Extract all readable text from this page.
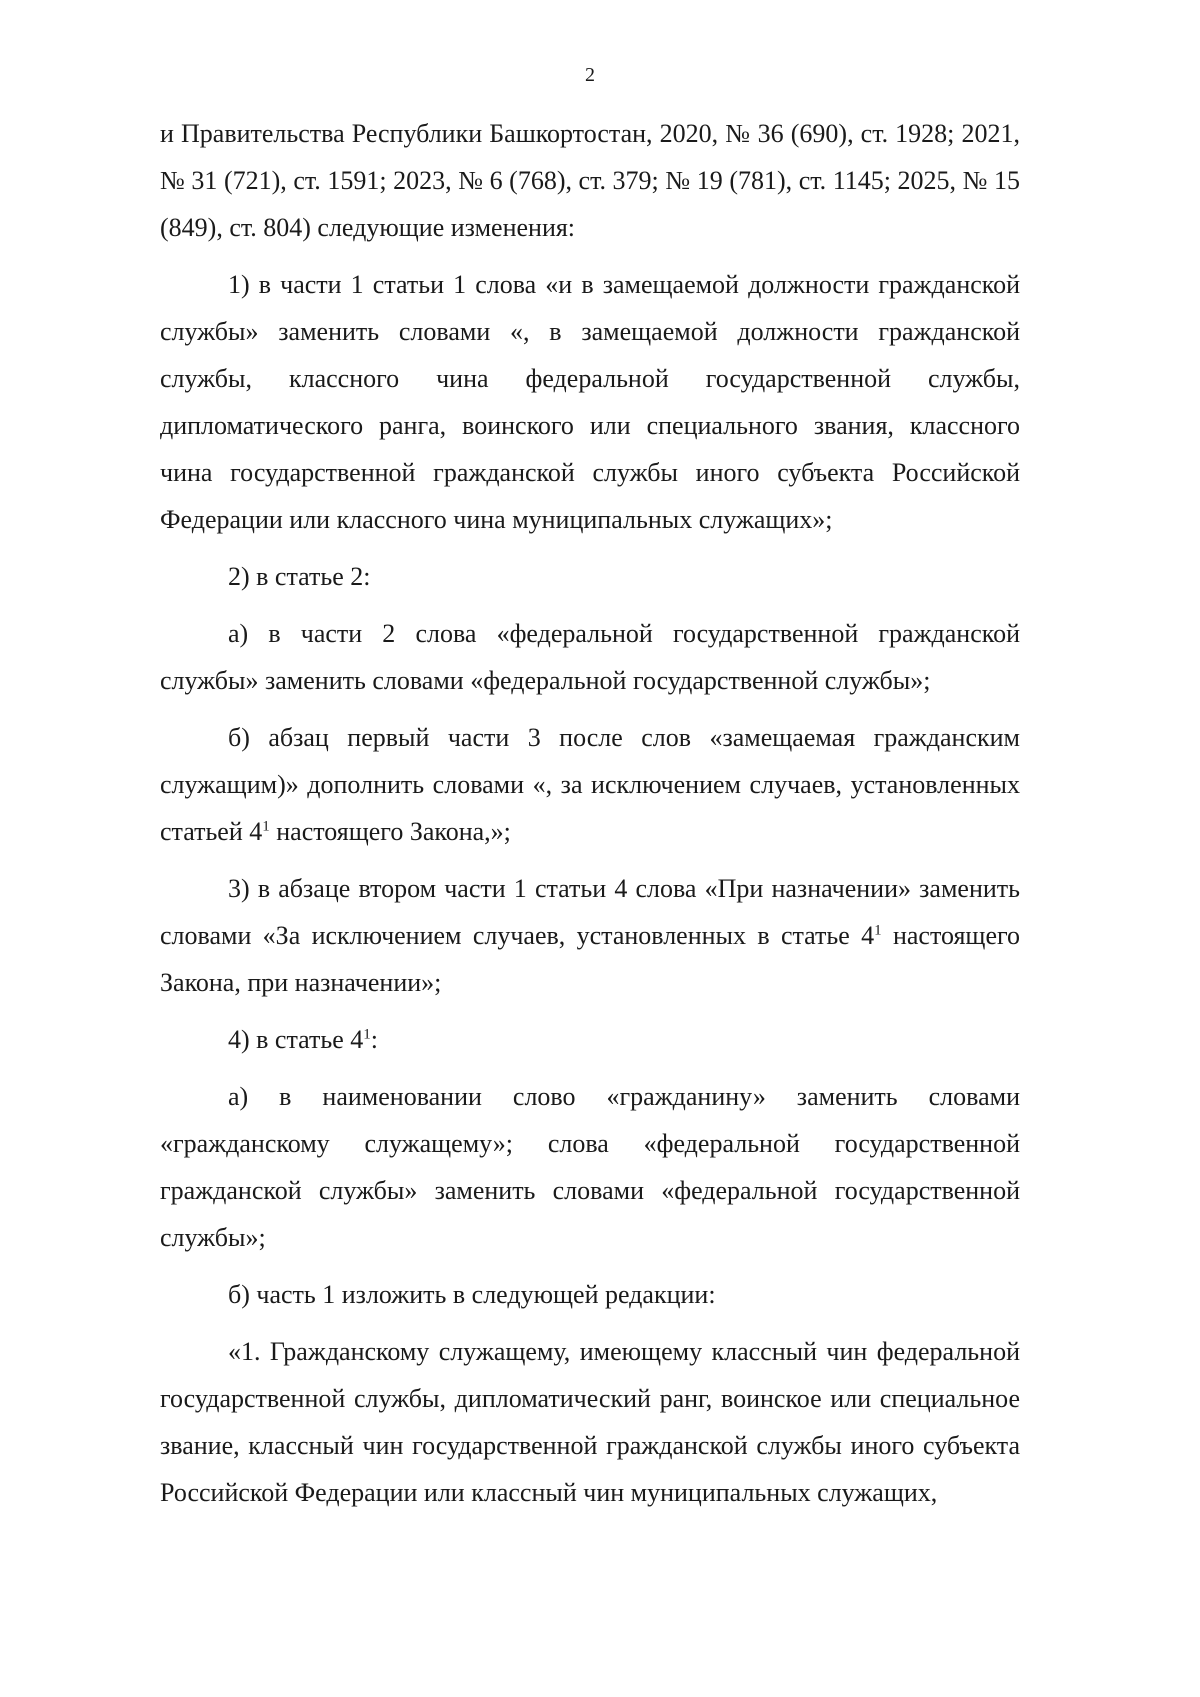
2

и Правительства Республики Башкортостан, 2020, № 36 (690), ст. 1928; 2021, № 31 (721), ст. 1591; 2023, № 6 (768), ст. 379; № 19 (781), ст. 1145; 2025, № 15 (849), ст. 804) следующие изменения:

1) в части 1 статьи 1 слова «и в замещаемой должности гражданской службы» заменить словами «, в замещаемой должности гражданской службы, классного чина федеральной государственной службы, дипломатического ранга, воинского или специального звания, классного чина государственной гражданской службы иного субъекта Российской Федерации или классного чина муниципальных служащих»;

2) в статье 2:

а) в части 2 слова «федеральной государственной гражданской службы» заменить словами «федеральной государственной службы»;

б) абзац первый части 3 после слов «замещаемая гражданским служащим)» дополнить словами «, за исключением случаев, установленных статьей $4^1$ настоящего Закона,»;

3) в абзаце втором части 1 статьи 4 слова «При назначении» заменить словами «За исключением случаев, установленных в статье $4^1$ настоящего Закона, при назначении»;

4) в статье $4^1$:

а) в наименовании слово «гражданину» заменить словами «гражданскому служащему»; слова «федеральной государственной гражданской службы» заменить словами «федеральной государственной службы»;

б) часть 1 изложить в следующей редакции:

«1. Гражданскому служащему, имеющему классный чин федеральной государственной службы, дипломатический ранг, воинское или специальное звание, классный чин государственной гражданской службы иного субъекта Российской Федерации или классный чин муниципальных служащих,
